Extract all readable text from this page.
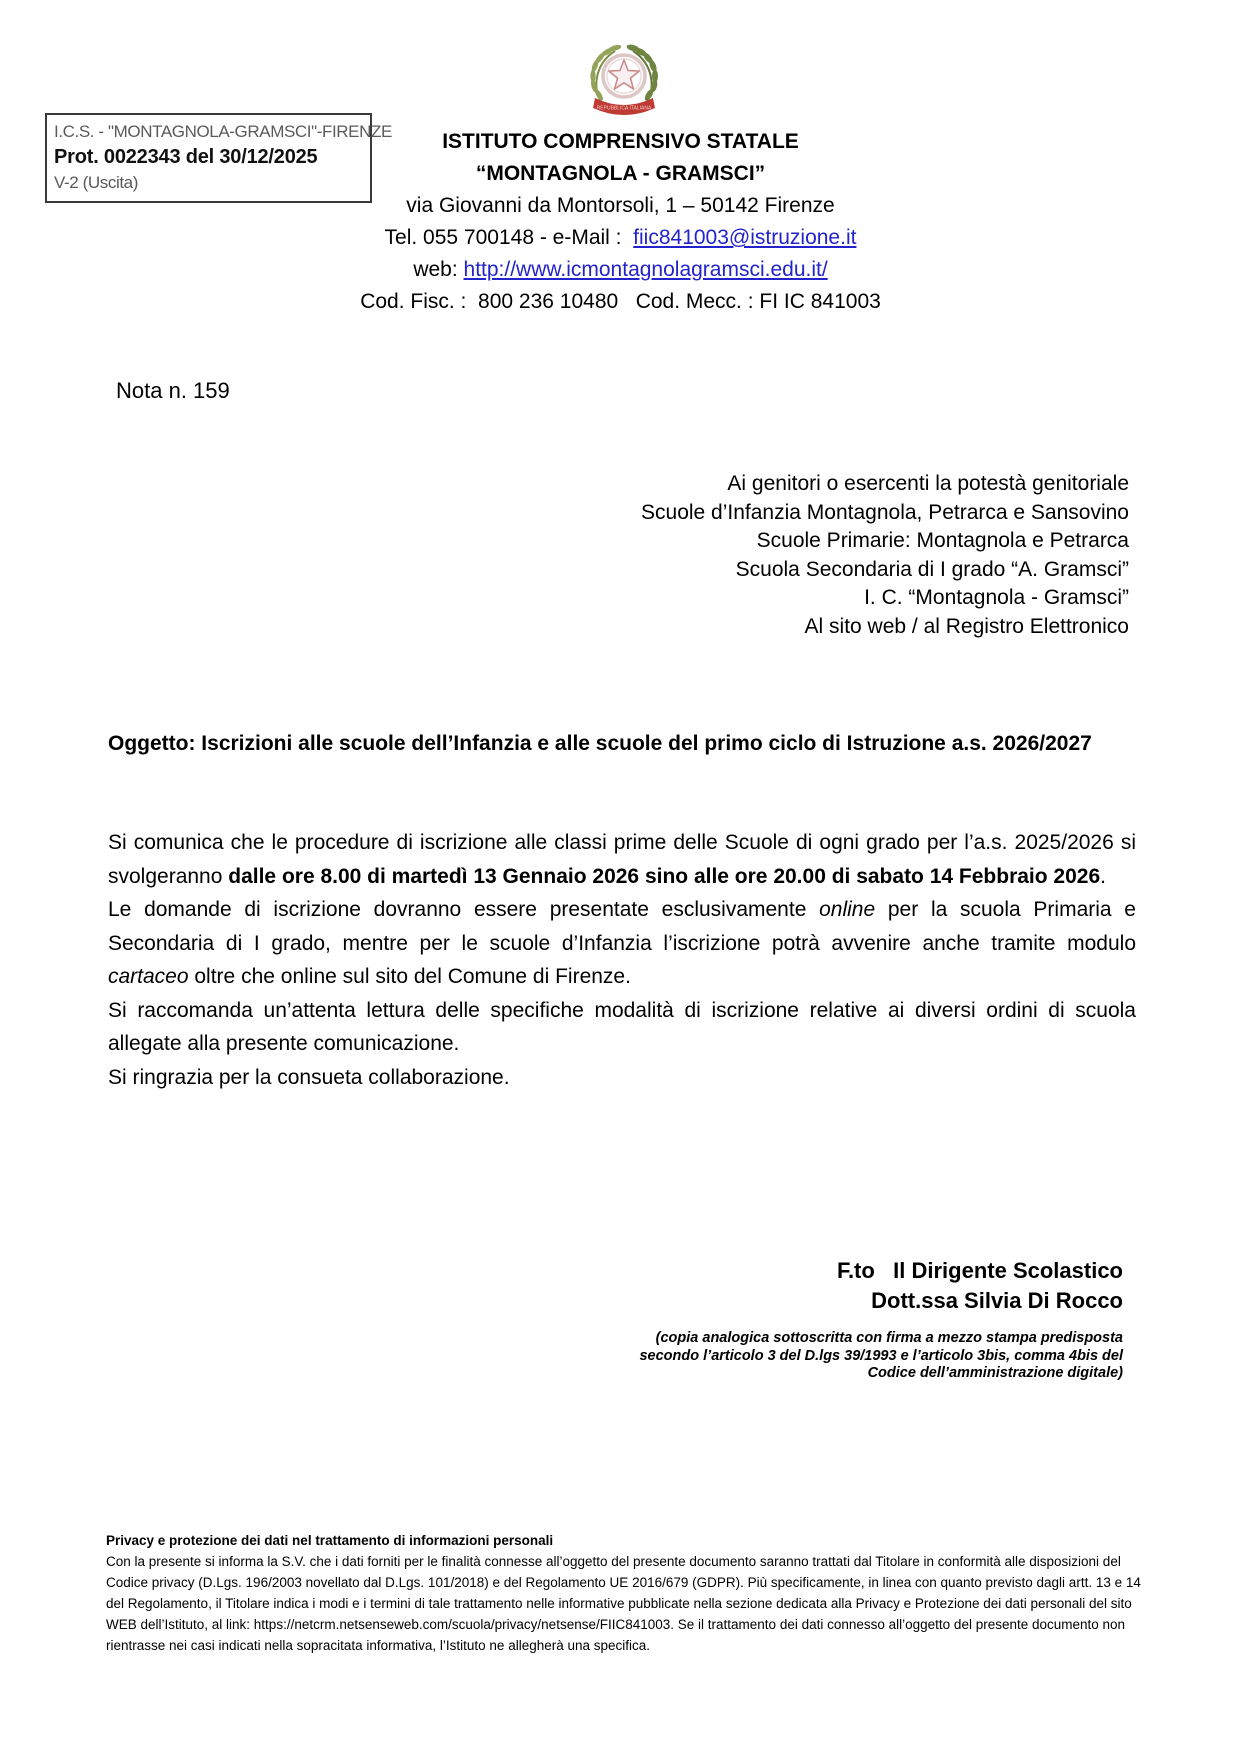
I.C.S. - "MONTAGNOLA-GRAMSCI"-FIRENZE
Prot. 0022343 del 30/12/2025
V-2 (Uscita)
REPUBBLICA ITALIANA
ISTITUTO COMPRENSIVO STATALE
“MONTAGNOLA - GRAMSCI”
via Giovanni da Montorsoli, 1 – 50142 Firenze
Tel. 055 700148 - e-Mail :  fiic841003@istruzione.it
web: http://www.icmontagnolagramsci.edu.it/
Cod. Fisc. :  800 236 10480   Cod. Mecc. : FI IC 841003
Nota n. 159
Ai genitori o esercenti la potestà genitoriale
Scuole d’Infanzia Montagnola, Petrarca e Sansovino
Scuole Primarie: Montagnola e Petrarca
Scuola Secondaria di I grado “A. Gramsci”
I. C. “Montagnola - Gramsci”
Al sito web / al Registro Elettronico
Oggetto: Iscrizioni alle scuole dell’Infanzia e alle scuole del primo ciclo di Istruzione a.s. 2026/2027

Si comunica che le procedure di iscrizione alle classi prime delle Scuole di ogni grado per l’a.s. 2025/2026 si svolgeranno dalle ore 8.00 di martedì 13 Gennaio 2026 sino alle ore 20.00 di sabato 14 Febbraio 2026.

Le domande di iscrizione dovranno essere presentate esclusivamente online per la scuola Primaria e Secondaria di I grado, mentre per le scuole d’Infanzia l’iscrizione potrà avvenire anche tramite modulo cartaceo oltre che online sul sito del Comune di Firenze.

Si raccomanda un’attenta lettura delle specifiche modalità di iscrizione relative ai diversi ordini di scuola allegate alla presente comunicazione.

Si ringrazia per la consueta collaborazione.

F.to   Il Dirigente Scolastico
Dott.ssa Silvia Di Rocco
(copia analogica sottoscritta con firma a mezzo stampa predisposta secondo l’articolo 3 del D.lgs 39/1993 e l’articolo 3bis, comma 4bis del Codice dell’amministrazione digitale)

Privacy e protezione dei dati nel trattamento di informazioni personali

Con la presente si informa la S.V. che i dati forniti per le finalità connesse all’oggetto del presente documento saranno trattati dal Titolare in conformità alle disposizioni del Codice privacy (D.Lgs. 196/2003 novellato dal D.Lgs. 101/2018) e del Regolamento UE 2016/679 (GDPR). Più specificamente, in linea con quanto previsto dagli artt. 13 e 14 del Regolamento, il Titolare indica i modi e i termini di tale trattamento nelle informative pubblicate nella sezione dedicata alla Privacy e Protezione dei dati personali del sito WEB dell’Istituto, al link: https://netcrm.netsenseweb.com/scuola/privacy/netsense/FIIC841003. Se il trattamento dei dati connesso all’oggetto del presente documento non rientrasse nei casi indicati nella sopracitata informativa, l’Istituto ne allegherà una specifica.
